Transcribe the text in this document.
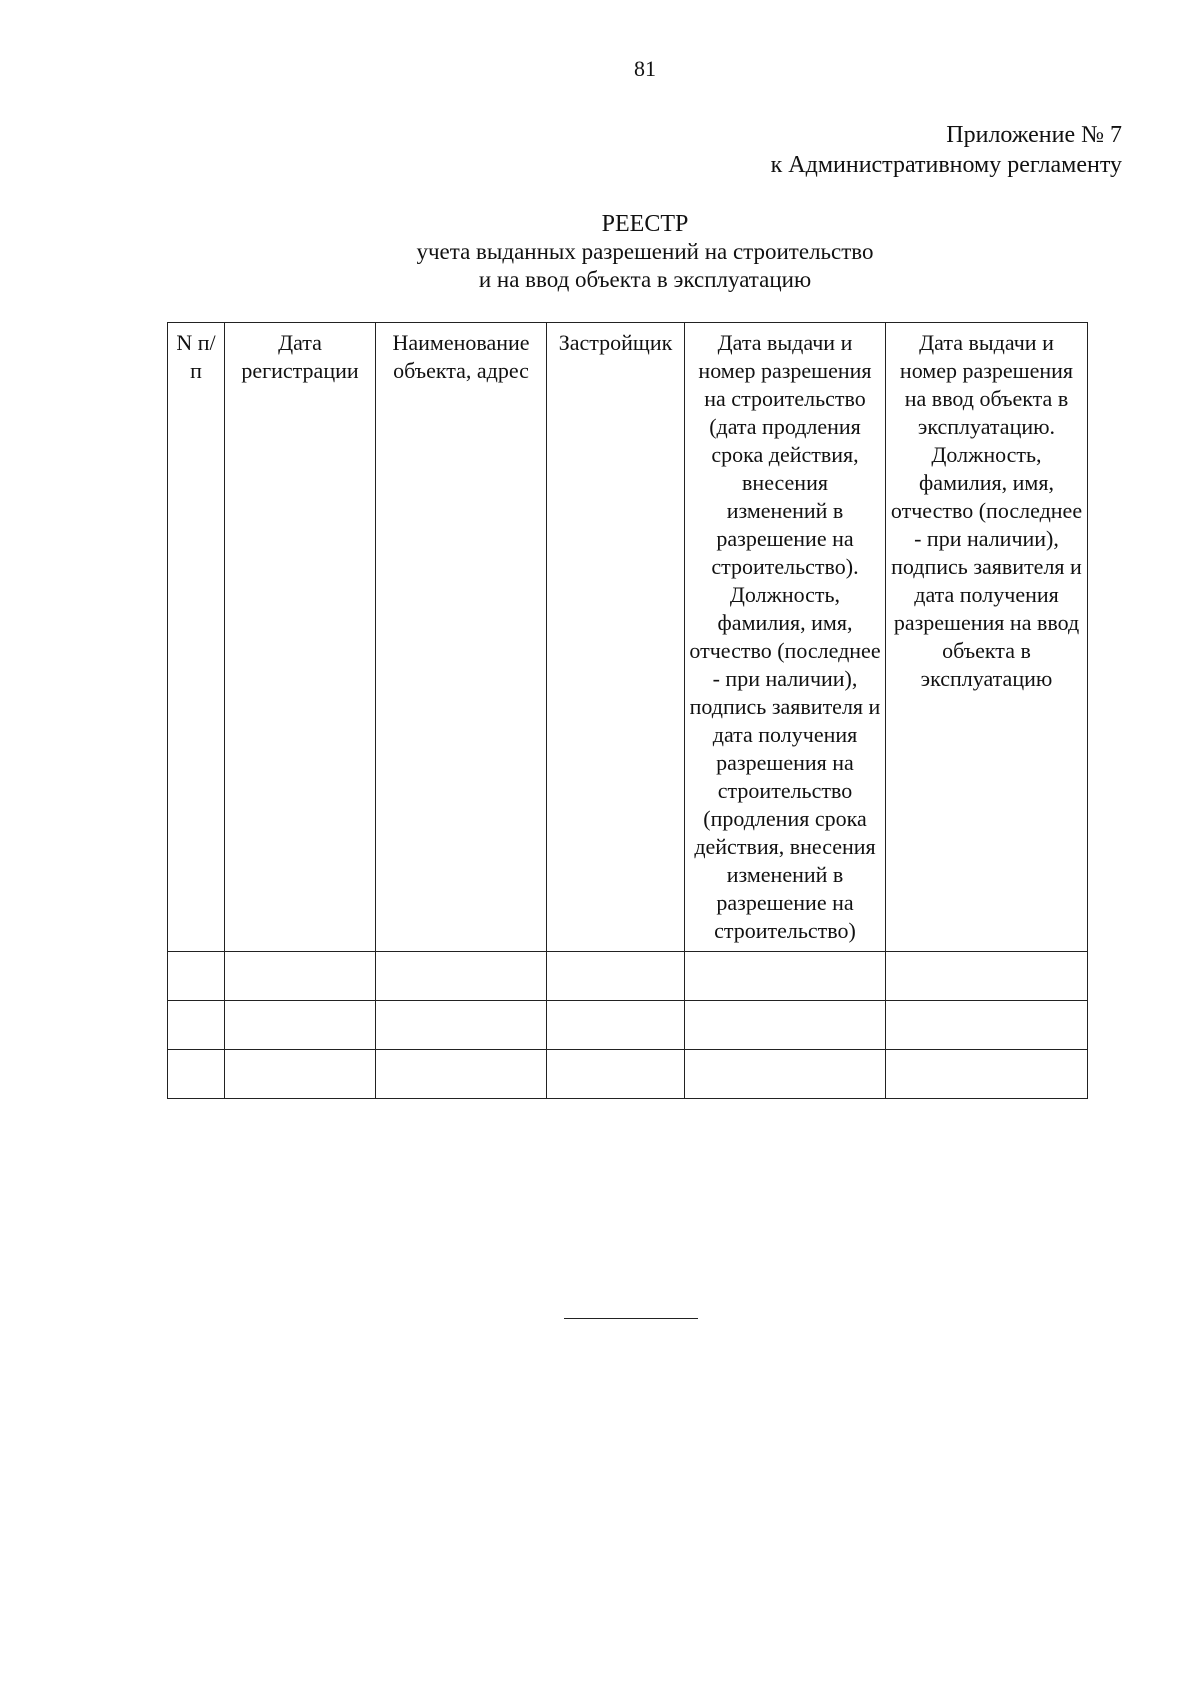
81
Приложение № 7
к Административному регламенту
РЕЕСТР
учета выданных разрешений на строительство
и на ввод объекта в эксплуатацию
N п/п	Дата регистрации	Наименование объекта, адрес	Застройщик	Дата выдачи и номер разрешения на строительство (дата продления срока действия, внесения изменений в разрешение на строительство). Должность, фамилия, имя, отчество (последнее - при наличии), подпись заявителя и дата получения разрешения на строительство (продления срока действия, внесения изменений в разрешение на строительство)	Дата выдачи и номер разрешения на ввод объекта в эксплуатацию. Должность, фамилия, имя, отчество (последнее - при наличии), подпись заявителя и дата получения разрешения на ввод объекта в эксплуатацию
